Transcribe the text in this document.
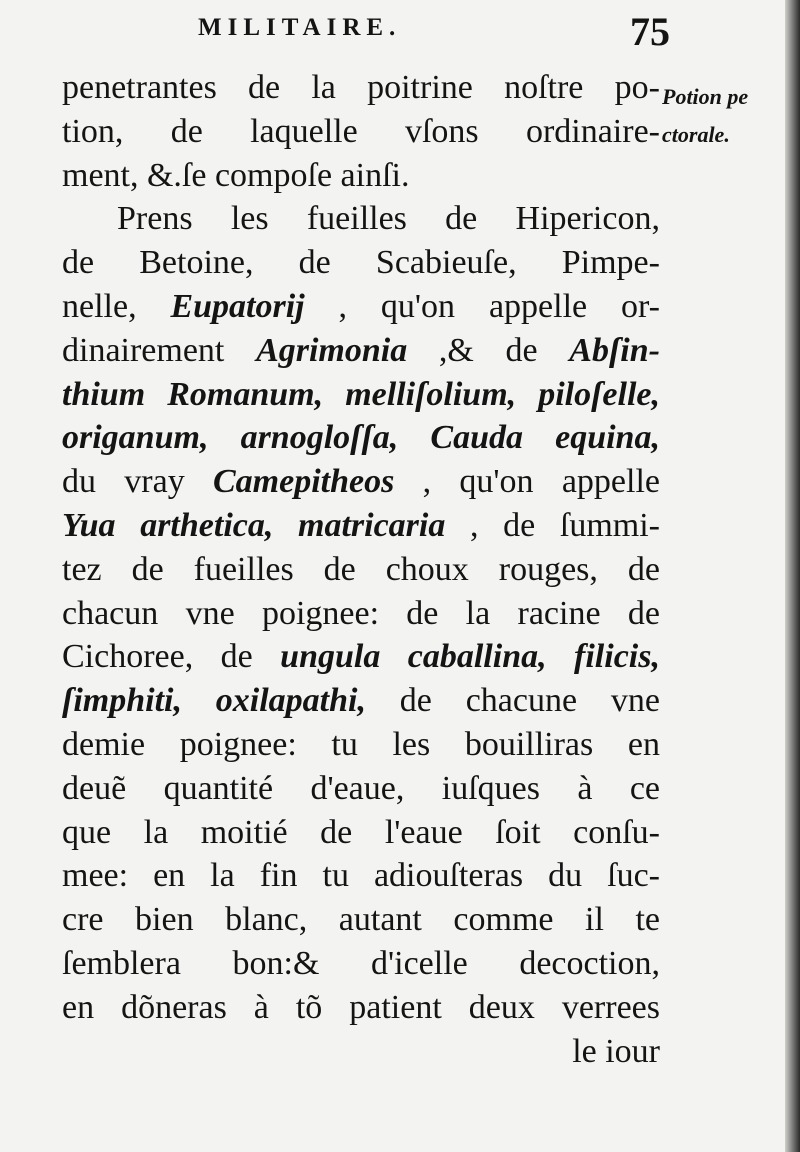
MILITAIRE.	75
Potion pe
ctorale.
penetrantes de la poitrine noſtre po-
tion, de laquelle vſons ordinaire-
ment, &.ſe compoſe ainſi.
Prens les fueilles de Hipericon,
de Betoine, de Scabieuſe, Pimpe-
nelle, Eupatorij , qu'on appelle or-
dinairement Agrimonia ,& de Abſin-
thium Romanum, melliſolium, piloſelle,
origanum, arnogloſſa, Cauda equina,
du vray Camepitheos , qu'on appelle
Yua arthetica, matricaria , de ſummi-
tez de fueilles de choux rouges, de
chacun vne poignee: de la racine de
Cichoree, de ungula caballina, filicis,
ſimphiti, oxilapathi, de chacune vne
demie poignee: tu les bouilliras en
deuẽ quantité d'eaue, iuſques à ce
que la moitié de l'eaue ſoit conſu-
mee: en la fin tu adiouſteras du ſuc-
cre bien blanc, autant comme il te
ſemblera bon:& d'icelle decoction,
en dõneras à tõ patient deux verrees
le iour
